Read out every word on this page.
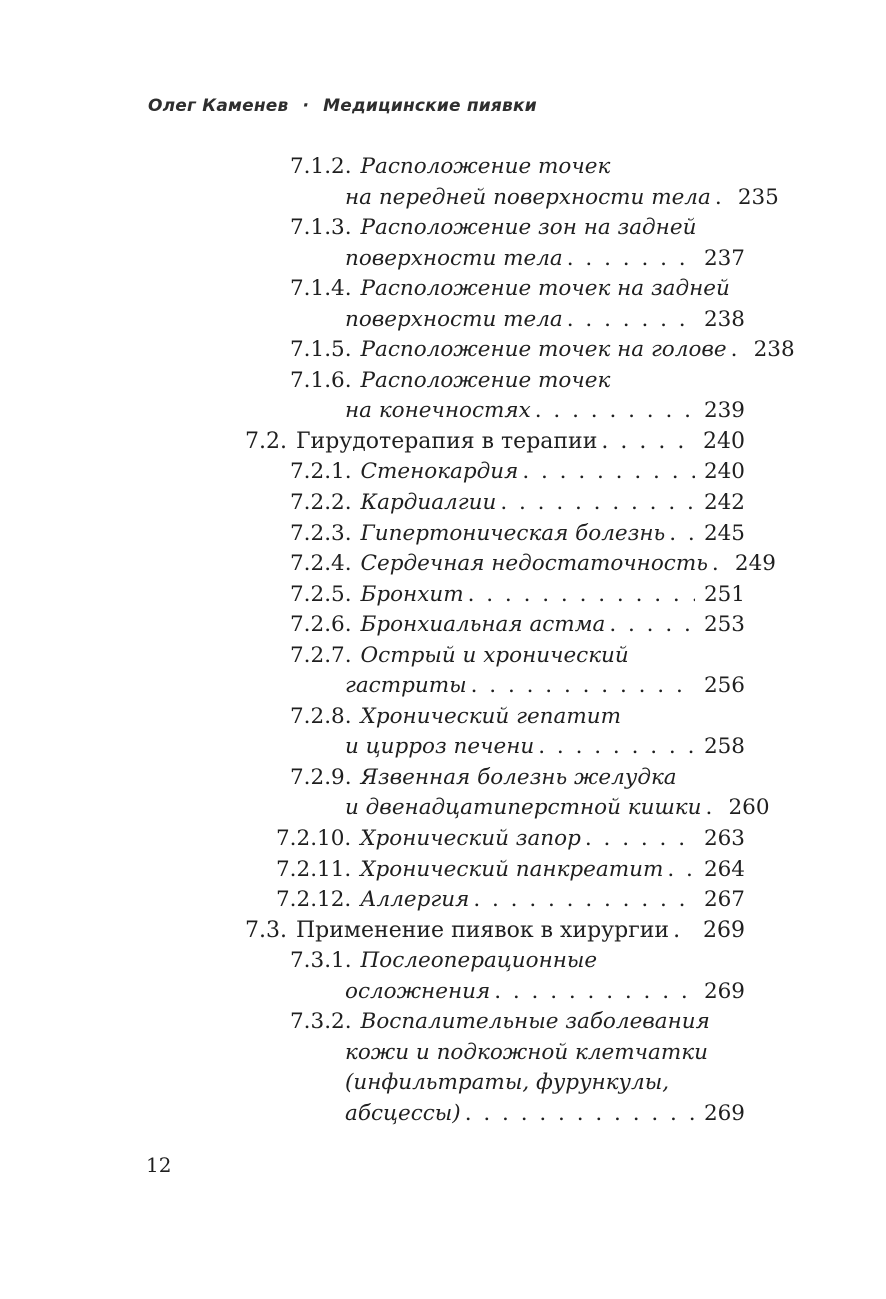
Олег Каменев · Медицинские пиявки
7.1.2. Расположение точек
на передней поверхности тела . . . 235
7.1.3. Расположение зон на задней
поверхности тела . . .	237
7.1.4. Расположение точек на задней
поверхности тела . . .	238
7.1.5. Расположение точек на голове . . . 238
7.1.6. Расположение точек
на конечностях . . .	239
7.2. Гирудотерапия в терапии . . .	240
7.2.1. Стенокардия . . .	240
7.2.2. Кардиалгии . . .	242
7.2.3. Гипертоническая болезнь . . . 245
7.2.4. Сердечная недостаточность . . . 249
7.2.5. Бронхит . . .	251
7.2.6. Бронхиальная астма . . .	253
7.2.7. Острый и хронический
гастриты . . .	256
7.2.8. Хронический гепатит
и цирроз печени . . .	258
7.2.9. Язвенная болезнь желудка
и двенадцатиперстной кишки . . . 260
7.2.10. Хронический запор . . .	263
7.2.11. Хронический панкреатит . . . 264
7.2.12. Аллергия . . .	267
7.3. Применение пиявок в хирургии . . . 269
7.3.1. Послеоперационные
осложнения . . .	269
7.3.2. Воспалительные заболевания
кожи и подкожной клетчатки
(инфильтраты, фурункулы,
абсцессы) . . .	269
12
